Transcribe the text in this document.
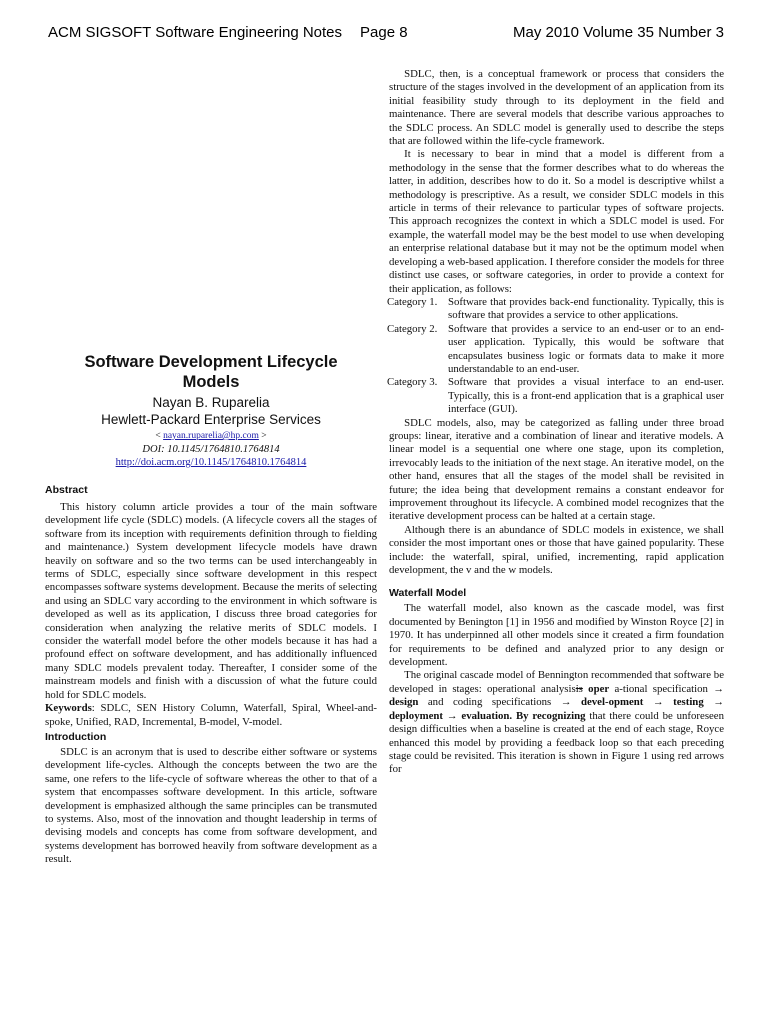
ACM SIGSOFT Software Engineering Notes Page 8	May 2010 Volume 35 Number 3
Software Development Lifecycle
Models
Nayan B. Ruparelia
Hewlett-Packard Enterprise Services
< nayan.ruparelia@hp.com >
DOI: 10.1145/1764810.1764814
http://doi.acm.org/10.1145/1764810.1764814
Abstract

This history column article provides a tour of the main software development life cycle (SDLC) models. (A lifecycle covers all the stages of software from its inception with requirements definition through to fielding and maintenance.) System development lifecycle models have drawn heavily on software and so the two terms can be used interchangeably in terms of SDLC, especially since software development in this respect encompasses software systems development. Because the merits of selecting and using an SDLC vary according to the environment in which software is developed as well as its application, I discuss three broad categories for consideration when analyzing the relative merits of SDLC models. I consider the waterfall model before the other models because it has had a profound effect on software development, and has additionally influenced many SDLC models prevalent today. Thereafter, I consider some of the mainstream models and finish with a discussion of what the future could hold for SDLC models.

Keywords: SDLC, SEN History Column, Waterfall, Spiral, Wheel-and-spoke, Unified, RAD, Incremental, B-model, V-model.

Introduction

SDLC is an acronym that is used to describe either software or systems development life-cycles. Although the concepts between the two are the same, one refers to the life-cycle of software whereas the other to that of a system that encompasses software development. In this article, software development is emphasized although the same principles can be transmuted to systems. Also, most of the innovation and thought leadership in terms of devising models and concepts has come from software development, and systems development has borrowed heavily from software development as a result.

SDLC, then, is a conceptual framework or process that considers the structure of the stages involved in the development of an application from its initial feasibility study through to its deployment in the field and maintenance. There are several models that describe various approaches to the SDLC process. An SDLC model is generally used to describe the steps that are followed within the life-cycle framework.

It is necessary to bear in mind that a model is different from a methodology in the sense that the former describes what to do whereas the latter, in addition, describes how to do it. So a model is descriptive whilst a methodology is prescriptive. As a result, we consider SDLC models in this article in terms of their relevance to particular types of software projects. This approach recognizes the context in which a SDLC model is used. For example, the waterfall model may be the best model to use when developing an enterprise relational database but it may not be the optimum model when developing a web-based application. I therefore consider the models for three distinct use cases, or software categories, in order to provide a context for their application, as follows:

Category 1. Software that provides back-end functionality. Typically, this is software that provides a service to other applications.
Category 2. Software that provides a service to an end-user or to an end-user application. Typically, this would be software that encapsulates business logic or formats data to make it more understandable to an end-user.
Category 3. Software that provides a visual interface to an end-user. Typically, this is a front-end application that is a graphical user interface (GUI).

SDLC models, also, may be categorized as falling under three broad groups: linear, iterative and a combination of linear and iterative models. A linear model is a sequential one where one stage, upon its completion, irrevocably leads to the initiation of the next stage. An iterative model, on the other hand, ensures that all the stages of the model shall be revisited in future; the idea being that development remains a constant endeavor for improvement throughout its lifecycle. A combined model recognizes that the iterative development process can be halted at a certain stage.

Although there is an abundance of SDLC models in existence, we shall consider the most important ones or those that have gained popularity. These include: the waterfall, spiral, unified, incrementing, rapid application development, the v and the w models.

Waterfall Model

The waterfall model, also known as the cascade model, was first documented by Benington [1] in 1956 and modified by Winston Royce [2] in 1970. It has underpinned all other models since it created a firm foundation for requirements to be defined and analyzed prior to any design or development.

The original cascade model of Bennington recommended that software be developed in stages: operational analysisis oper a-tional specification → design and coding specifications → devel-opment → testing → deployment → evaluation. By recognizing that there could be unforeseen design difficulties when a baseline is created at the end of each stage, Royce enhanced this model by providing a feedback loop so that each preceding stage could be revisited. This iteration is shown in Figure 1 using red arrows for
